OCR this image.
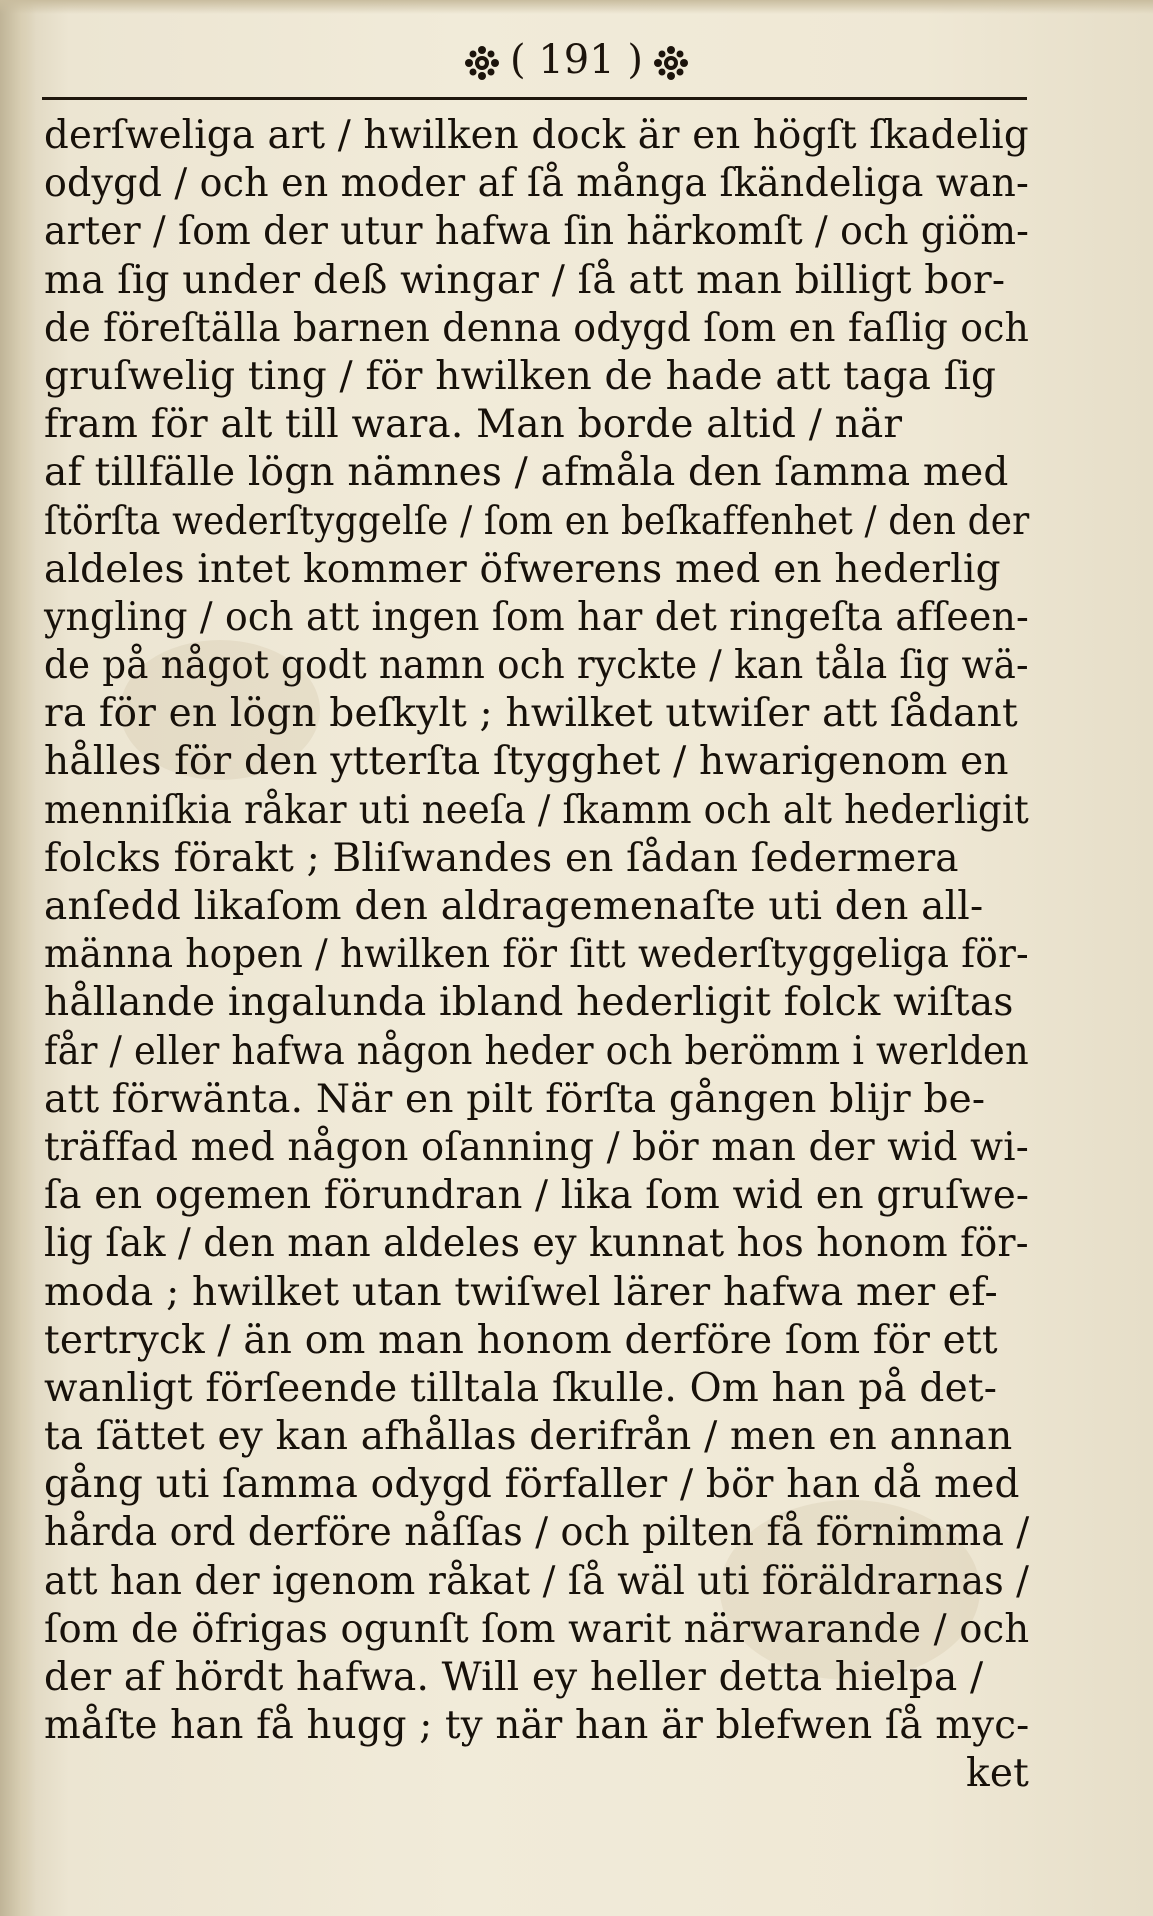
( 191 )
derſweliga art / hwilken dock är en högſt ſkadelig
odygd / och en moder af ſå många ſkändeliga wan-
arter / ſom der utur hafwa ſin härkomſt / och giöm-
ma ſig under deß wingar / ſå att man billigt bor-
de föreſtälla barnen denna odygd ſom en faſlig och
gruſwelig ting / för hwilken de hade att taga ſig
fram för alt till wara. Man borde altid / när
af tillfälle lögn nämnes / afmåla den ſamma med
ſtörſta wederſtyggelſe / ſom en beſkaffenhet / den der
aldeles intet kommer öfwerens med en hederlig
yngling / och att ingen ſom har det ringeſta afſeen-
de på något godt namn och ryckte / kan tåla ſig wä-
ra för en lögn beſkylt ; hwilket utwiſer att ſådant
hålles för den ytterſta ſtygghet / hwarigenom en
menniſkia råkar uti neeſa / ſkamm och alt hederligit
folcks förakt ; Bliſwandes en ſådan ſedermera
anſedd likaſom den aldragemenaſte uti den all-
männa hopen / hwilken för ſitt wederſtyggeliga för-
hållande ingalunda ibland hederligit folck wiſtas
får / eller hafwa någon heder och berömm i werlden
att förwänta. När en pilt förſta gången blijr be-
träffad med någon oſanning / bör man der wid wi-
ſa en ogemen förundran / lika ſom wid en gruſwe-
lig ſak / den man aldeles ey kunnat hos honom för-
moda ; hwilket utan twiſwel lärer hafwa mer ef-
tertryck / än om man honom derföre ſom för ett
wanligt förſeende tilltala ſkulle. Om han på det-
ta ſättet ey kan afhållas derifrån / men en annan
gång uti ſamma odygd förfaller / bör han då med
hårda ord derföre nåſſas / och pilten få förnimma /
att han der igenom råkat / ſå wäl uti föräldrarnas /
ſom de öfrigas ogunſt ſom warit närwarande / och
der af hördt hafwa. Will ey heller detta hielpa /
måſte han få hugg ; ty när han är blefwen ſå myc-
ket
